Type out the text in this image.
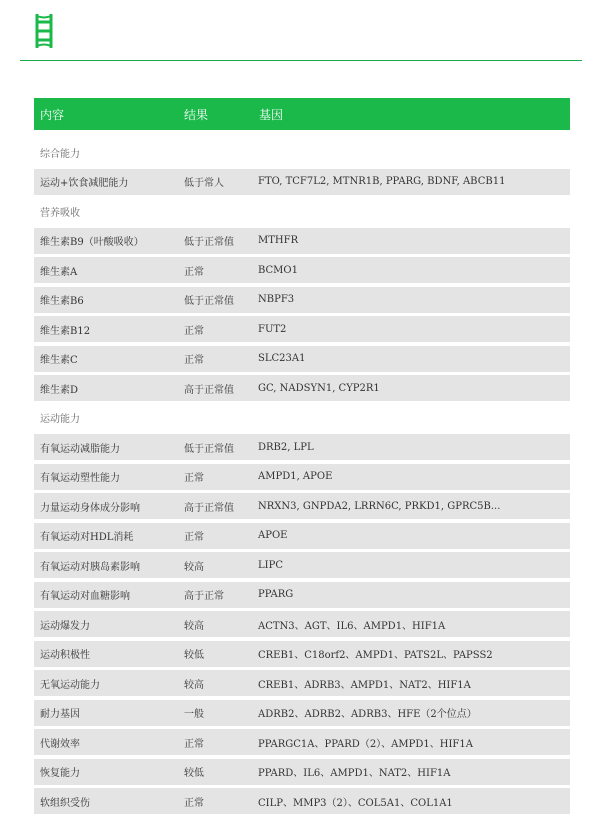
内容	结果	基因
综合能力
运动+饮食减肥能力	低于常人	FTO, TCF7L2, MTNR1B, PPARG, BDNF, ABCB11
营养吸收
维生素B9（叶酸吸收）	低于正常值	MTHFR
维生素A	正常	BCMO1
维生素B6	低于正常值	NBPF3
维生素B12	正常	FUT2
维生素C	正常	SLC23A1
维生素D	高于正常值	GC, NADSYN1, CYP2R1
运动能力
有氧运动减脂能力	低于正常值	DRB2, LPL
有氧运动塑性能力	正常	AMPD1, APOE
力量运动身体成分影响	高于正常值	NRXN3, GNPDA2, LRRN6C, PRKD1, GPRC5B...
有氧运动对HDL消耗	正常	APOE
有氧运动对胰岛素影响	较高	LIPC
有氧运动对血糖影响	高于正常	PPARG
运动爆发力	较高	ACTN3、AGT、IL6、AMPD1、HIF1A
运动积极性	较低	CREB1、C18orf2、AMPD1、PATS2L、PAPSS2
无氧运动能力	较高	CREB1、ADRB3、AMPD1、NAT2、HIF1A
耐力基因	一般	ADRB2、ADRB2、ADRB3、HFE（2个位点）
代谢效率	正常	PPARGC1A、PPARD（2）、AMPD1、HIF1A
恢复能力	较低	PPARD、IL6、AMPD1、NAT2、HIF1A
软组织受伤	正常	CILP、MMP3（2）、COL5A1、COL1A1
